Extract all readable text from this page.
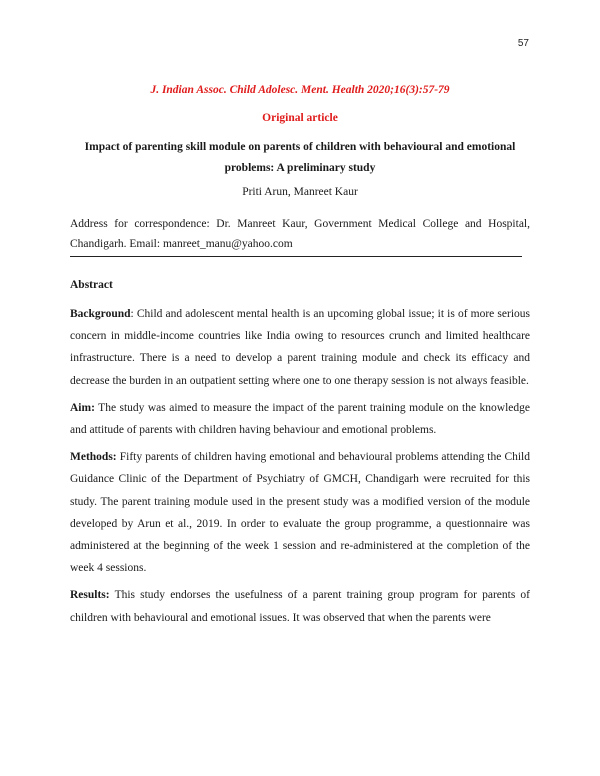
57
J. Indian Assoc. Child Adolesc. Ment. Health 2020;16(3):57-79
Original article
Impact of parenting skill module on parents of children with behavioural and emotional problems: A preliminary study
Priti Arun, Manreet Kaur

Address for correspondence: Dr. Manreet Kaur, Government Medical College and Hospital, Chandigarh. Email: manreet_manu@yahoo.com

Abstract

Background: Child and adolescent mental health is an upcoming global issue; it is of more serious concern in middle-income countries like India owing to resources crunch and limited healthcare infrastructure. There is a need to develop a parent training module and check its efficacy and decrease the burden in an outpatient setting where one to one therapy session is not always feasible.

Aim: The study was aimed to measure the impact of the parent training module on the knowledge and attitude of parents with children having behaviour and emotional problems.

Methods: Fifty parents of children having emotional and behavioural problems attending the Child Guidance Clinic of the Department of Psychiatry of GMCH, Chandigarh were recruited for this study. The parent training module used in the present study was a modified version of the module developed by Arun et al., 2019. In order to evaluate the group programme, a questionnaire was administered at the beginning of the week 1 session and re-administered at the completion of the week 4 sessions.

Results: This study endorses the usefulness of a parent training group program for parents of children with behavioural and emotional issues. It was observed that when the parents were
